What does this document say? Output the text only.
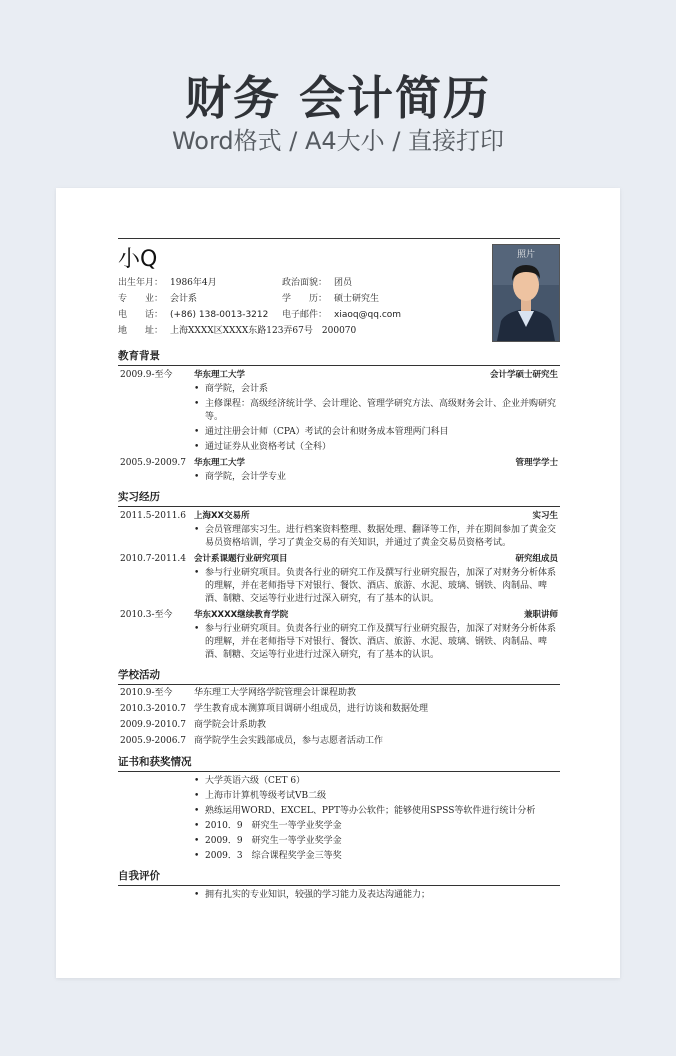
财务 会计简历
Word格式 / A4大小 / 直接打印
照片
小Q
出生年月： 1986年4月	政治面貌： 团员
专　　业： 会计系	学　　历： 硕士研究生
电　　话： (+86) 138-0013-3212 电子邮件： xiaoq@qq.com
地　　址： 上海XXXX区XXXX东路123弄67号　200070
教育背景
2009.9-至今	华东理工大学	会计学硕士研究生
• 商学院，会计系
• 主修课程：高级经济统计学、会计理论、管理学研究方法、高级财务会计、企业并购研究等。
• 通过注册会计师（CPA）考试的会计和财务成本管理两门科目
• 通过证券从业资格考试（全科）
2005.9-2009.7 华东理工大学	管理学学士
• 商学院，会计学专业
实习经历
2011.5-2011.6 上海XX交易所	实习生
• 会员管理部实习生。进行档案资料整理、数据处理、翻译等工作，并在期间参加了黄金交易员资格培训，学习了黄金交易的有关知识，并通过了黄金交易员资格考试。
2010.7-2011.4 会计系课题行业研究项目	研究组成员
• 参与行业研究项目。负责各行业的研究工作及撰写行业研究报告，加深了对财务分析体系的理解，并在老师指导下对银行、餐饮、酒店、旅游、水泥、玻璃、钢铁、肉制品、啤酒、制糖、交运等行业进行过深入研究，有了基本的认识。
2010.3-至今	华东XXXX继续教育学院	兼职讲师
• 参与行业研究项目。负责各行业的研究工作及撰写行业研究报告，加深了对财务分析体系的理解，并在老师指导下对银行、餐饮、酒店、旅游、水泥、玻璃、钢铁、肉制品、啤酒、制糖、交运等行业进行过深入研究，有了基本的认识。
学校活动
2010.9-至今 华东理工大学网络学院管理会计课程助教
2010.3-2010.7 学生教育成本测算项目调研小组成员，进行访谈和数据处理
2009.9-2010.7 商学院会计系助教
2005.9-2006.7 商学院学生会实践部成员，参与志愿者活动工作
证书和获奖情况
• 大学英语六级（CET 6）
• 上海市计算机等级考试VB二级
• 熟练运用WORD、EXCEL、PPT等办公软件；能够使用SPSS等软件进行统计分析
• 2010．9　研究生一等学业奖学金
• 2009．9　研究生一等学业奖学金
• 2009．3　综合课程奖学金三等奖
自我评价
• 拥有扎实的专业知识，较强的学习能力及表达沟通能力；
